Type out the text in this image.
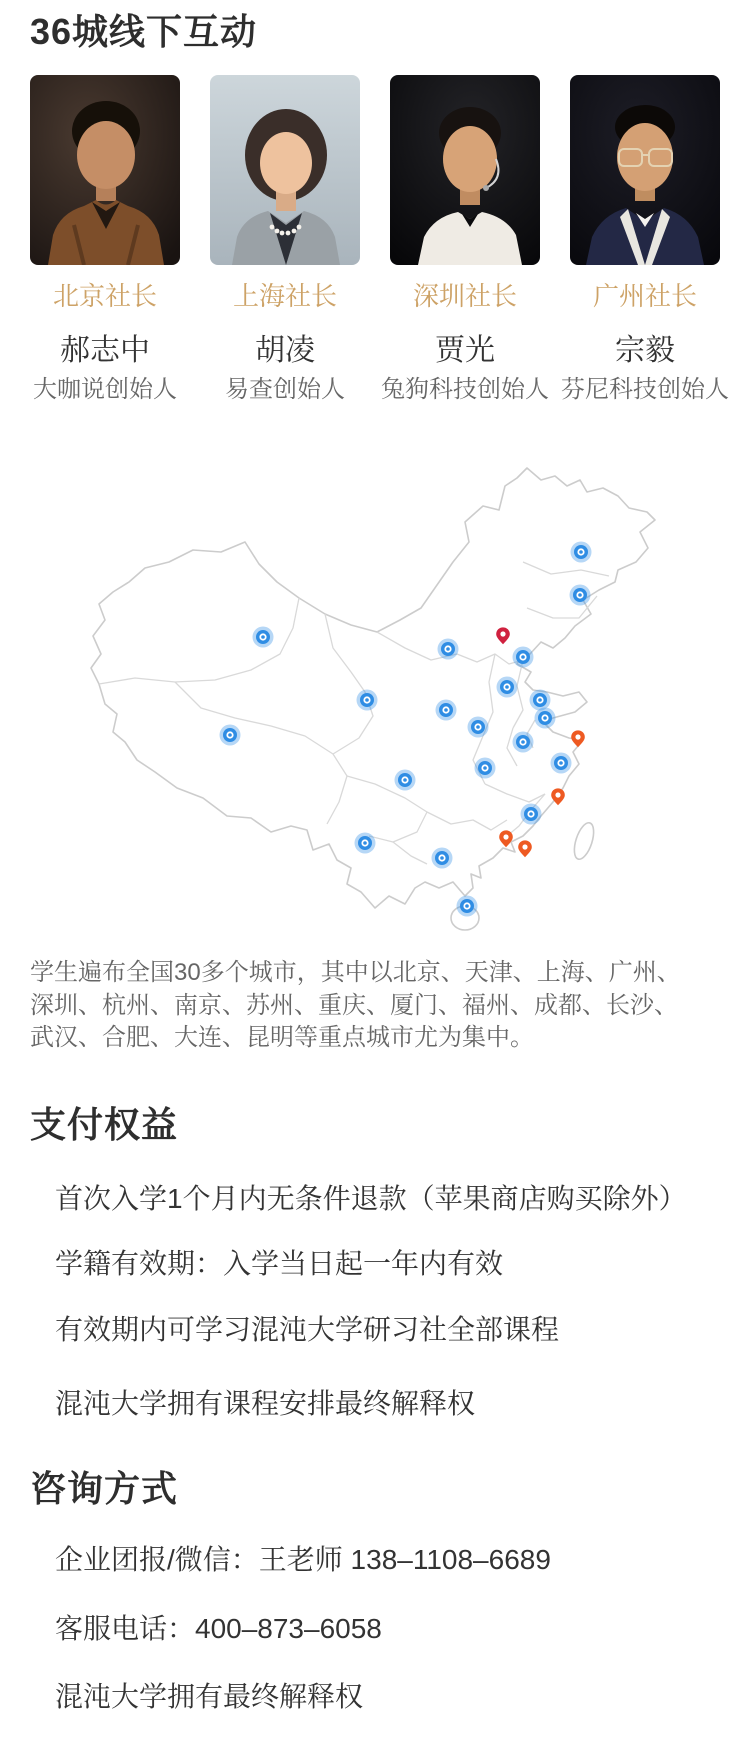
36城线下互动
北京社长
郝志中
大咖说创始人
上海社长
胡凌
易查创始人
深圳社长
贾光
兔狗科技创始人
广州社长
宗毅
芬尼科技创始人
学生遍布全国30多个城市，其中以北京、天津、上海、广州、深圳、杭州、南京、苏州、重庆、厦门、福州、成都、长沙、武汉、合肥、大连、昆明等重点城市尤为集中。
支付权益
首次入学1个月内无条件退款（苹果商店购买除外）
学籍有效期：入学当日起一年内有效
有效期内可学习混沌大学研习社全部课程
混沌大学拥有课程安排最终解释权
咨询方式
企业团报/微信：王老师 138–1108–6689
客服电话：400–873–6058
混沌大学拥有最终解释权
